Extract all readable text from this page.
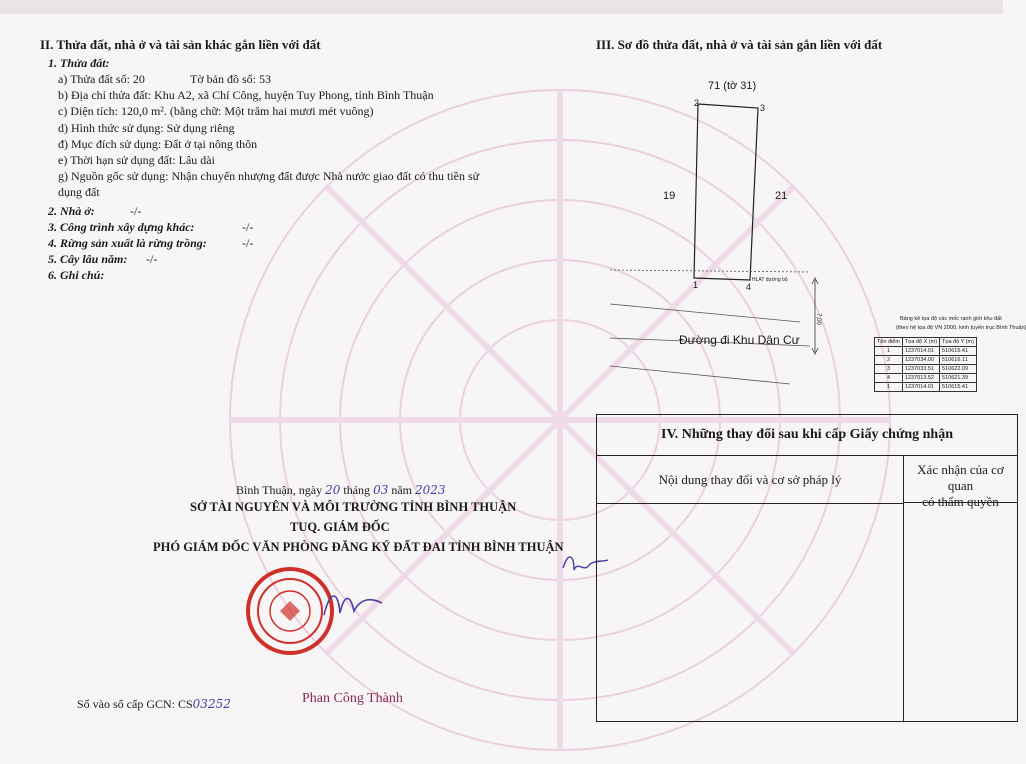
II. Thửa đất, nhà ở và tài sản khác gắn liền với đất
1. Thửa đất:
a) Thửa đất số: 20	Tờ bản đồ số: 53
b) Địa chỉ thửa đất: Khu A2, xã Chí Công, huyện Tuy Phong, tỉnh Bình Thuận
c) Diện tích: 120,0 m². (bằng chữ: Một trăm hai mươi mét vuông)
d) Hình thức sử dụng: Sử dụng riêng
đ) Mục đích sử dụng: Đất ở tại nông thôn
e) Thời hạn sử dụng đất: Lâu dài
g) Nguồn gốc sử dụng: Nhận chuyển nhượng đất được Nhà nước giao đất có thu tiền sử
dụng đất
2. Nhà ở:	-/-
3. Công trình xây dựng khác:	-/-
4. Rừng sản xuất là rừng trồng:	-/-
5. Cây lâu năm: -/-
6. Ghi chú:
Bình Thuận, ngày 20 tháng 03 năm 2023
SỞ TÀI NGUYÊN VÀ MÔI TRƯỜNG TỈNH BÌNH THUẬN
TUQ. GIÁM ĐỐC
PHÓ GIÁM ĐỐC VĂN PHÒNG ĐĂNG KÝ ĐẤT ĐAI TỈNH BÌNH THUẬN
Phan Công Thành
Số vào sổ cấp GCN: CS03252
III. Sơ đồ thửa đất, nhà ở và tài sản gắn liền với đất
71 (tờ 31)
2	3
1	4
19	21
HLAT đường bộ
7,00
Đường đi Khu Dân Cư
Bảng kê tọa độ các mốc ranh giới khu đất
(theo hệ tọa độ VN 2000, kinh tuyến trục Bình Thuận)
Tên điểm	Tọa độ X (m)	Tọa độ Y (m)
1	1237014.01	510615.41
2	1237034.00	510616.11
3	1237033.51	510622.09
4	1237013.52	510621.39
1	1237014.01	510615.41
IV. Những thay đổi sau khi cấp Giấy chứng nhận
Nội dung thay đổi và cơ sở pháp lý
Xác nhận của cơ quan
có thẩm quyền
